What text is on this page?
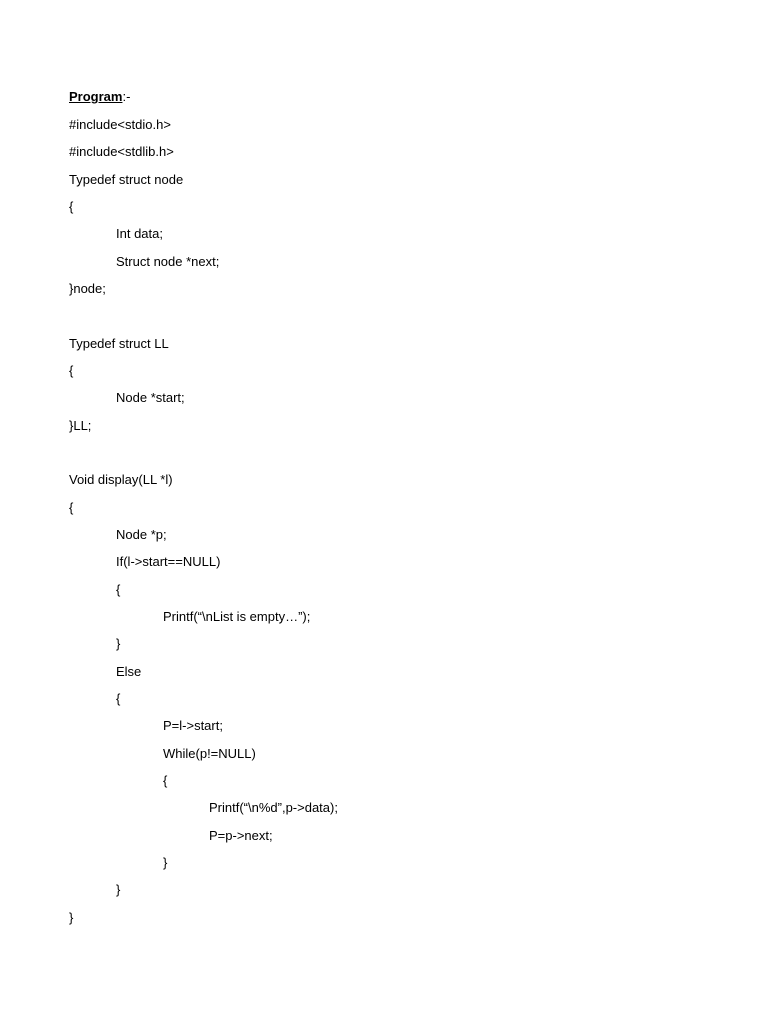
Program:-
#include<stdio.h>
#include<stdlib.h>
Typedef struct node
{
Int data;
Struct node *next;
}node;
Typedef struct LL
{
Node *start;
}LL;
Void display(LL *l)
{
Node *p;
If(l->start==NULL)
{
Printf(“\nList is empty…”);
}
Else
{
P=l->start;
While(p!=NULL)
{
Printf(“\n%d”,p->data);
P=p->next;
}
}
}
